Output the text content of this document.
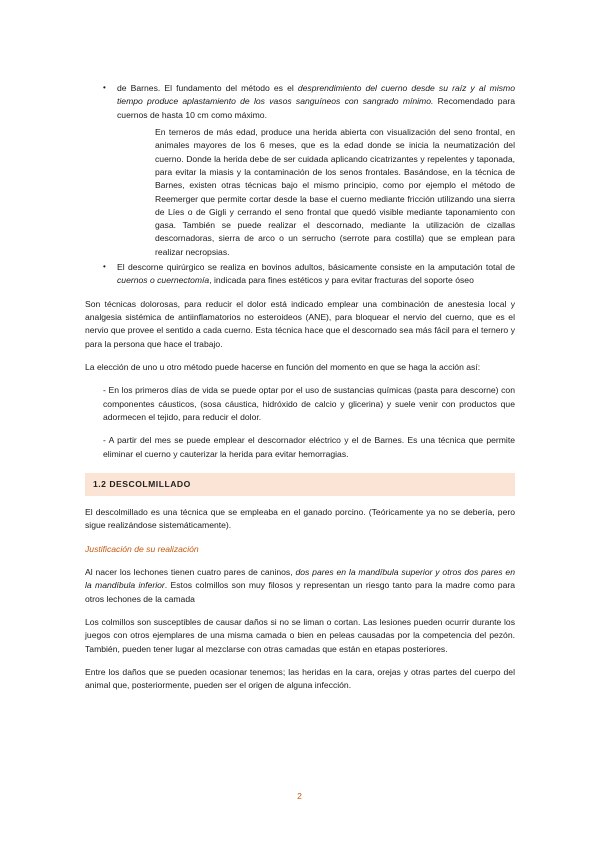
• de Barnes. El fundamento del método es el desprendimiento del cuerno desde su raíz y al mismo tiempo produce aplastamiento de los vasos sanguíneos con sangrado mínimo. Recomendado para cuernos de hasta 10 cm como máximo.

En terneros de más edad, produce una herida abierta con visualización del seno frontal, en animales mayores de los 6 meses, que es la edad donde se inicia la neumatización del cuerno. Donde la herida debe de ser cuidada aplicando cicatrizantes y repelentes y taponada, para evitar la miasis y la contaminación de los senos frontales. Basándose, en la técnica de Barnes, existen otras técnicas bajo el mismo principio, como por ejemplo el método de Reemerger que permite cortar desde la base el cuerno mediante fricción utilizando una sierra de Líes o de Gigli y cerrando el seno frontal que quedó visible mediante taponamiento con gasa. También se puede realizar el descornado, mediante la utilización de cizallas descornadoras, sierra de arco o un serrucho (serrote para costilla) que se emplean para realizar necropsias.

• El descorne quirúrgico se realiza en bovinos adultos, básicamente consiste en la amputación total de cuernos o cuernectomía, indicada para fines estéticos y para evitar fracturas del soporte óseo

Son técnicas dolorosas, para reducir el dolor está indicado emplear una combinación de anestesia local y analgesia sistémica de antiinflamatorios no esteroideos (ANE), para bloquear el nervio del cuerno, que es el nervio que provee el sentido a cada cuerno. Esta técnica hace que el descornado sea más fácil para el ternero y para la persona que hace el trabajo.

La elección de uno u otro método puede hacerse en función del momento en que se haga la acción así:

- En los primeros días de vida se puede optar por el uso de sustancias químicas (pasta para descorne) con componentes cáusticos, (sosa cáustica, hidróxido de calcio y glicerina) y suele venir con productos que adormecen el tejido, para reducir el dolor.

- A partir del mes se puede emplear el descornador eléctrico y el de Barnes. Es una técnica que permite eliminar el cuerno y cauterizar la herida para evitar hemorragias.

1.2 DESCOLMILLADO

El descolmillado es una técnica que se empleaba en el ganado porcino. (Teóricamente ya no se debería, pero sigue realizándose sistemáticamente).

Justificación de su realización

Al nacer los lechones tienen cuatro pares de caninos, dos pares en la mandíbula superior y otros dos pares en la mandíbula inferior. Estos colmillos son muy filosos y representan un riesgo tanto para la madre como para otros lechones de la camada

Los colmillos son susceptibles de causar daños si no se liman o cortan. Las lesiones pueden ocurrir durante los juegos con otros ejemplares de una misma camada o bien en peleas causadas por la competencia del pezón. También, pueden tener lugar al mezclarse con otras camadas que están en etapas posteriores.

Entre los daños que se pueden ocasionar tenemos; las heridas en la cara, orejas y otras partes del cuerpo del animal que, posteriormente, pueden ser el origen de alguna infección.

2
